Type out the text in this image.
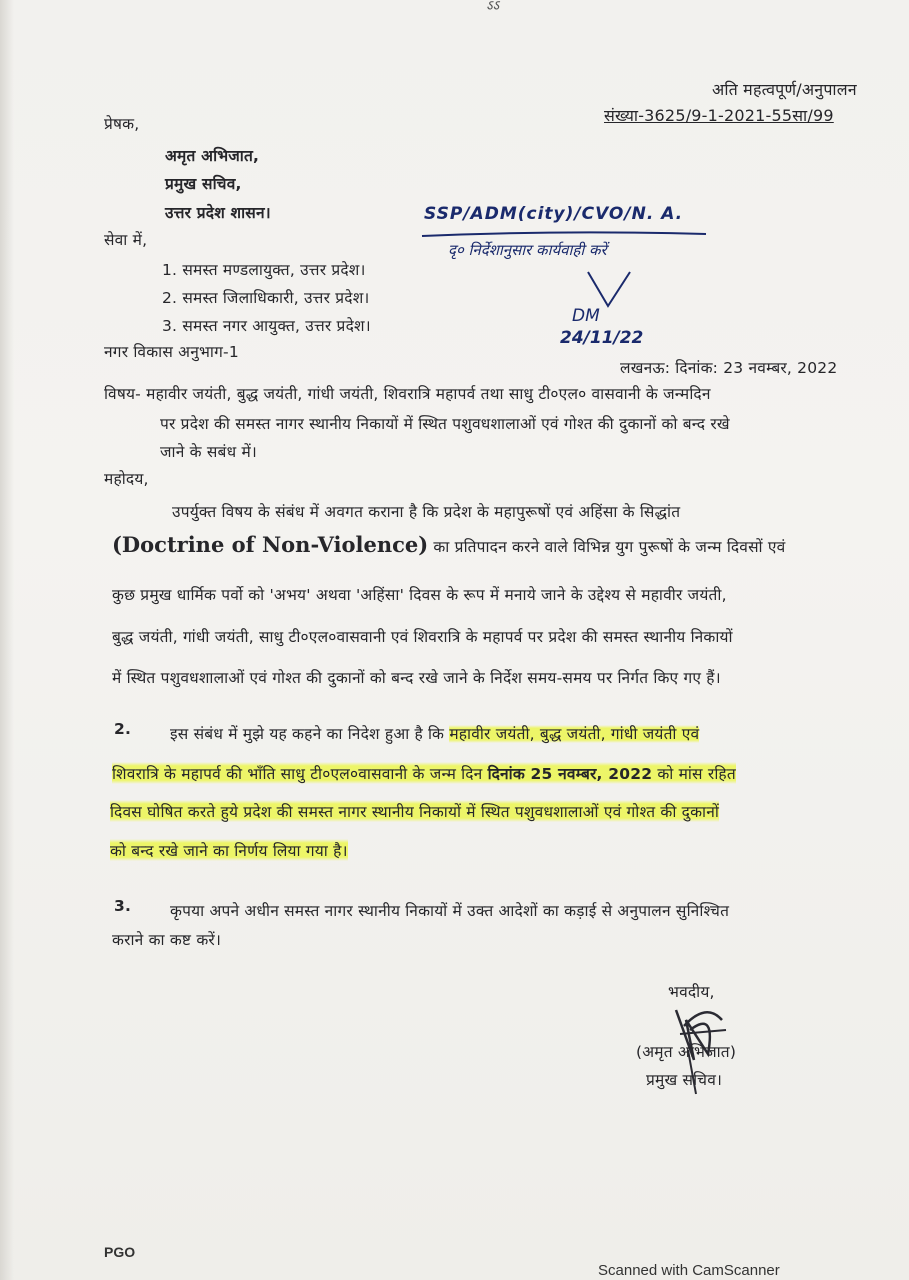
ऽऽ
अति महत्वपूर्ण/अनुपालन
संख्या-3625/9-1-2021-55सा/99
प्रेषक,
अमृत अभिजात,
प्रमुख सचिव,
उत्तर प्रदेश शासन।	SSP/ADM(city)/CVO/N. A.
दृ० निर्देशानुसार कार्यवाही करें
DM
24/11/22
सेवा में,
1. समस्त मण्डलायुक्त, उत्तर प्रदेश।
2. समस्त जिलाधिकारी, उत्तर प्रदेश।
3. समस्त नगर आयुक्त, उत्तर प्रदेश।
नगर विकास अनुभाग-1
लखनऊ: दिनांक: 23 नवम्बर, 2022
विषय- महावीर जयंती, बुद्ध जयंती, गांधी जयंती, शिवरात्रि महापर्व तथा साधु टी०एल० वासवानी के जन्मदिन
पर प्रदेश की समस्त नागर स्थानीय निकायों में स्थित पशुवधशालाओं एवं गोश्त की दुकानों को बन्द रखे
जाने के सबंध में।
महोदय,
उपर्युक्त विषय के संबंध में अवगत कराना है कि प्रदेश के महापुरूषों एवं अहिंसा के सिद्धांत
(Doctrine of Non-Violence) का प्रतिपादन करने वाले विभिन्न युग पुरूषों के जन्म दिवसों एवं
कुछ प्रमुख धार्मिक पर्वो को 'अभय' अथवा 'अहिंसा' दिवस के रूप में मनाये जाने के उद्देश्य से महावीर जयंती,
बुद्ध जयंती, गांधी जयंती, साधु टी०एल०वासवानी एवं शिवरात्रि के महापर्व पर प्रदेश की समस्त स्थानीय निकायों
में स्थित पशुवधशालाओं एवं गोश्त की दुकानों को बन्द रखे जाने के निर्देश समय-समय पर निर्गत किए गए हैं।
2.	इस संबंध में मुझे यह कहने का निदेश हुआ है कि महावीर जयंती, बुद्ध जयंती, गांधी जयंती एवं
शिवरात्रि के महापर्व की भाँति साधु टी०एल०वासवानी के जन्म दिन दिनांक 25 नवम्बर, 2022 को मांस रहित
दिवस घोषित करते हुये प्रदेश की समस्त नागर स्थानीय निकायों में स्थित पशुवधशालाओं एवं गोश्त की दुकानों
को बन्द रखे जाने का निर्णय लिया गया है।
3.	कृपया अपने अधीन समस्त नागर स्थानीय निकायों में उक्त आदेशों का कड़ाई से अनुपालन सुनिश्चित
कराने का कष्ट करें।
भवदीय,
(अमृत अभिजात)
प्रमुख सचिव।
PGO
Scanned with CamScanner
